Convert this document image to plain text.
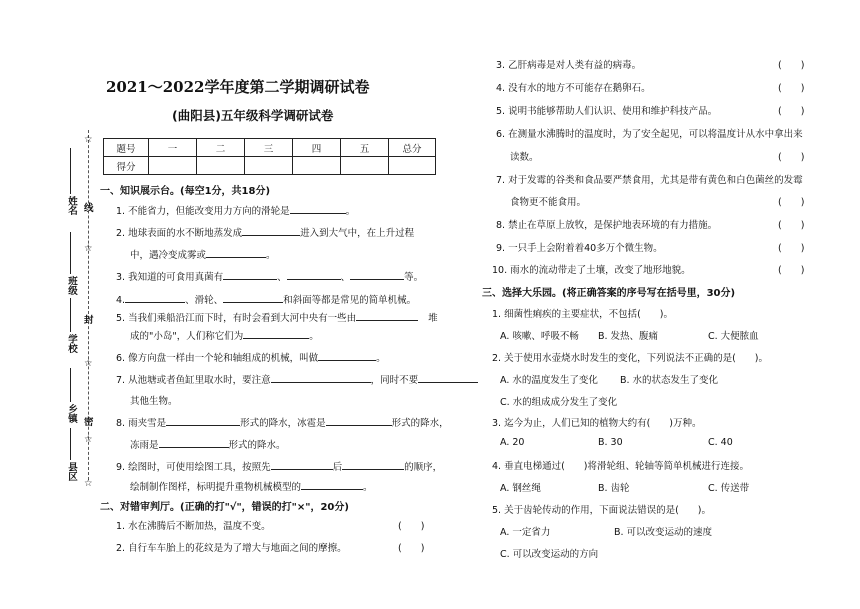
☆
☆
☆
☆
☆
线
封
密
姓名
班级
学校
乡镇
县区
2021～2022学年度第二学期调研试卷
(曲阳县)五年级科学调研试卷
题号	一	二	三	四	五	总分
得分						
一、知识展示台。(每空1分，共18分)
1. 不能省力，但能改变用力方向的滑轮是	。
2. 地球表面的水不断地蒸发成	进入到大气中，在上升过程
中，遇冷变成雾或	。
3. 我知道的可食用真菌有	、	、	等。
4.	、滑轮、	和斜面等都是常见的简单机械。
5. 当我们乘船沿江而下时，有时会看到大河中央有一些由	堆
成的"小岛"，人们称它们为	。
6. 像方向盘一样由一个轮和轴组成的机械，叫做	。
7. 从池塘或者鱼缸里取水时，要注意	，同时不要
其他生物。
8. 雨夹雪是	形式的降水，冰雹是	形式的降水，
冻雨是	形式的降水。
9. 绘图时，可使用绘图工具，按照先	后	的顺序，
绘制制作图样，标明提升重物机械模型的	。
二、对错审判厅。(正确的打"√"，错误的打"×"，20分)
1. 水在沸腾后不断加热，温度不变。	(　　)
2. 自行车车胎上的花纹是为了增大与地面之间的摩擦。	(　　)
3. 乙肝病毒是对人类有益的病毒。	(　　)
4. 没有水的地方不可能存在鹅卵石。	(　　)
5. 说明书能够帮助人们认识、使用和维护科技产品。	(　　)
6. 在测量水沸腾时的温度时，为了安全起见，可以将温度计从水中拿出来
读数。	(　　)
7. 对于发霉的谷类和食品要严禁食用，尤其是带有黄色和白色菌丝的发霉
食物更不能食用。	(　　)
8. 禁止在草原上放牧，是保护地表环境的有力措施。	(　　)
9. 一只手上会附着着40多万个微生物。	(　　)
10. 雨水的流动带走了土壤，改变了地形地貌。	(　　)
三、选择大乐园。(将正确答案的序号写在括号里，30分)
1. 细菌性痢疾的主要症状，不包括(　　)。
A. 咳嗽、呼吸不畅 B. 发热、腹痛	C. 大便脓血
2. 关于使用水壶烧水时发生的变化，下列说法不正确的是(　　)。
A. 水的温度发生了变化 B. 水的状态发生了变化
C. 水的组成成分发生了变化
3. 迄今为止，人们已知的植物大约有(　　)万种。
A. 20	B. 30	C. 40
4. 垂直电梯通过(　　)将滑轮组、轮轴等简单机械进行连接。
A. 钢丝绳	B. 齿轮	C. 传送带
5. 关于齿轮传动的作用，下面说法错误的是(　　)。
A. 一定省力	B. 可以改变运动的速度
C. 可以改变运动的方向
